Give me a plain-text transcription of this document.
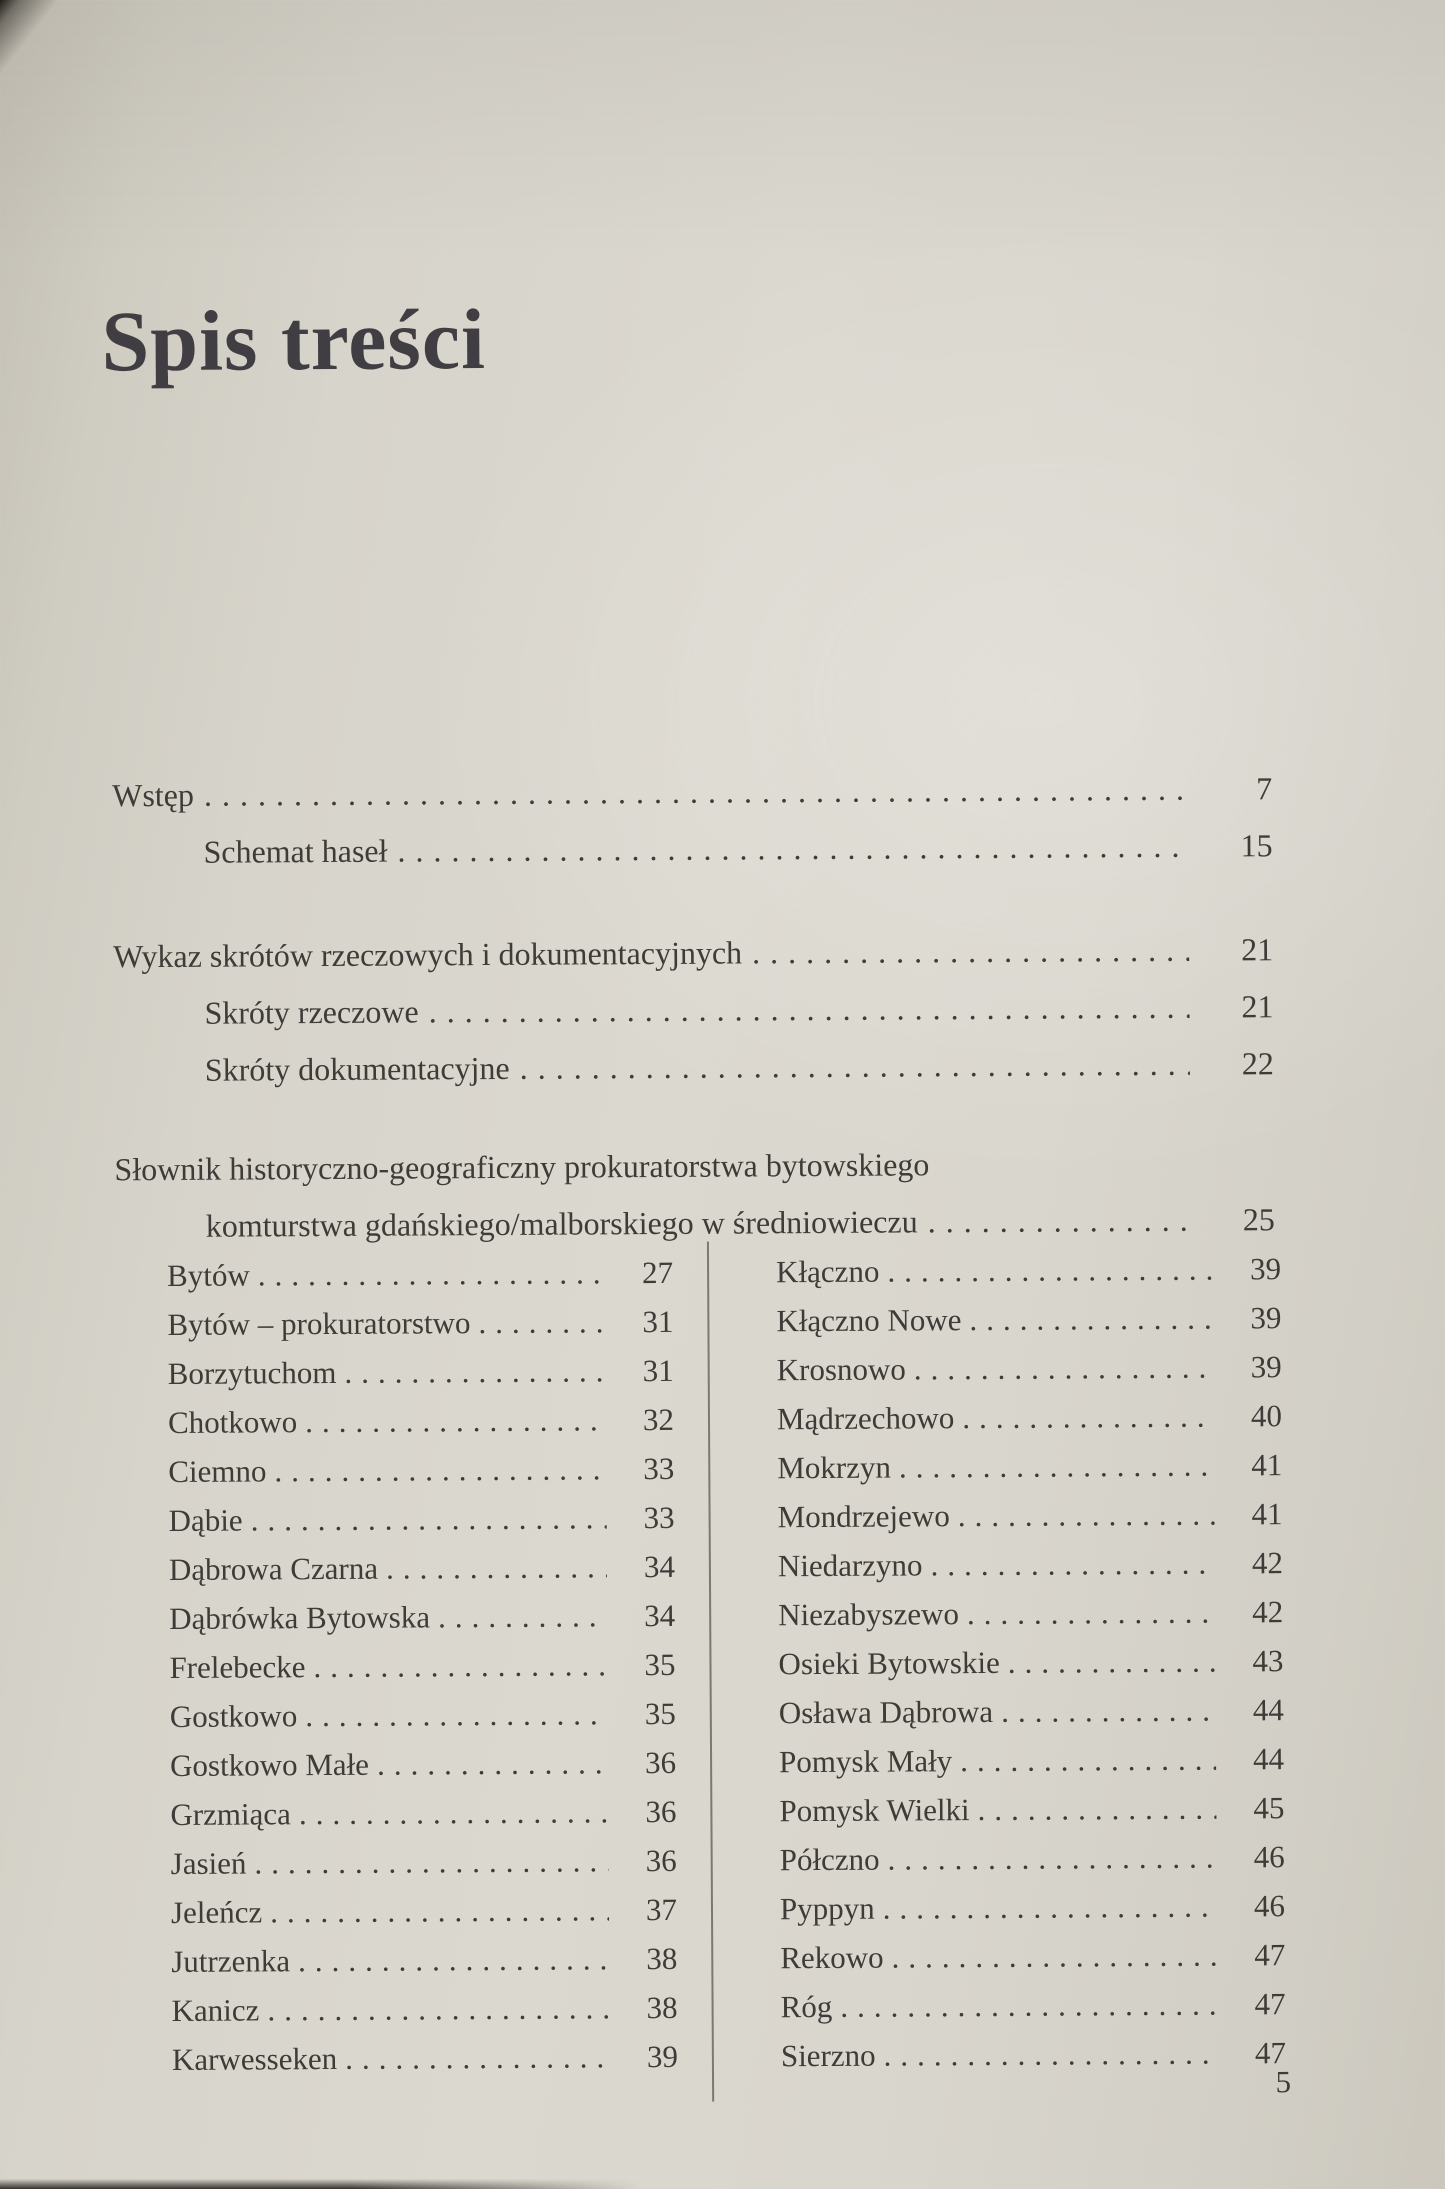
Spis treści
Wstęp .....	7
Schemat haseł .....	15
Wykaz skrótów rzeczowych i dokumentacyjnych .....	21
Skróty rzeczowe .....	21
Skróty dokumentacyjne .....	22
Słownik historyczno-geograficzny prokuratorstwa bytowskiego
komturstwa gdańskiego/malborskiego w średniowieczu .....	25
Bytów .....	27
Bytów – prokuratorstwo .....	31
Borzytuchom .....	31
Chotkowo .....	32
Ciemno .....	33
Dąbie .....	33
Dąbrowa Czarna .....	34
Dąbrówka Bytowska .....	34
Frelebecke .....	35
Gostkowo .....	35
Gostkowo Małe .....	36
Grzmiąca .....	36
Jasień .....	36
Jeleńcz .....	37
Jutrzenka .....	38
Kanicz .....	38
Karwesseken .....	39
Kłączno .....	39
Kłączno Nowe .....	39
Krosnowo .....	39
Mądrzechowo .....	40
Mokrzyn .....	41
Mondrzejewo .....	41
Niedarzyno .....	42
Niezabyszewo .....	42
Osieki Bytowskie .....	43
Osława Dąbrowa .....	44
Pomysk Mały .....	44
Pomysk Wielki .....	45
Półczno .....	46
Pyppyn .....	46
Rekowo .....	47
Róg .....	47
Sierzno .....	47
5
